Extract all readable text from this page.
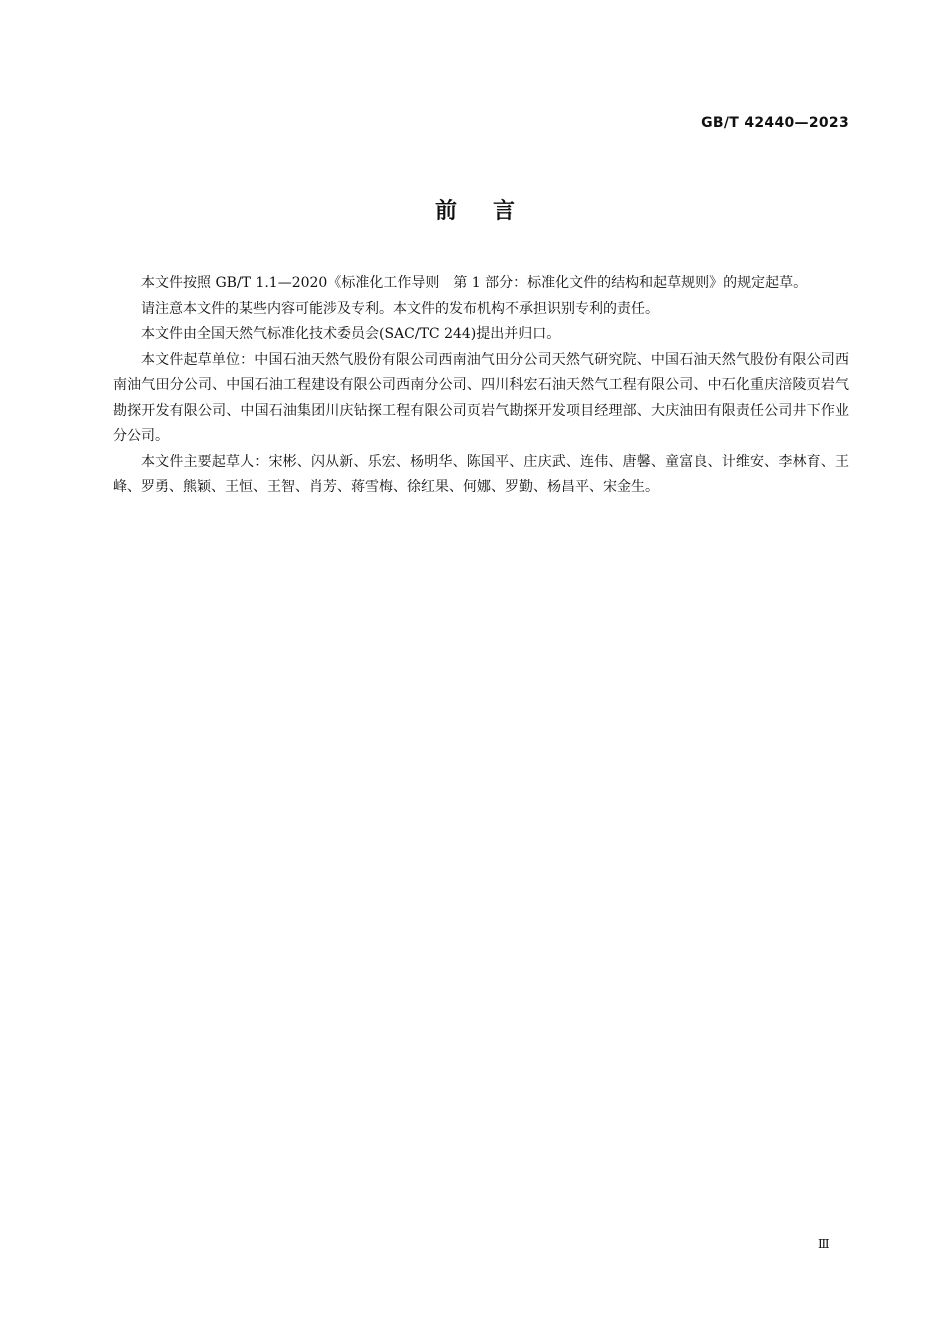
GB/T 42440—2023
前言

本文件按照 GB/T 1.1—2020《标准化工作导则　第 1 部分：标准化文件的结构和起草规则》的规定起草。

请注意本文件的某些内容可能涉及专利。本文件的发布机构不承担识别专利的责任。

本文件由全国天然气标准化技术委员会(SAC/TC 244)提出并归口。

本文件起草单位：中国石油天然气股份有限公司西南油气田分公司天然气研究院、中国石油天然气股份有限公司西南油气田分公司、中国石油工程建设有限公司西南分公司、四川科宏石油天然气工程有限公司、中石化重庆涪陵页岩气勘探开发有限公司、中国石油集团川庆钻探工程有限公司页岩气勘探开发项目经理部、大庆油田有限责任公司井下作业分公司。

本文件主要起草人：宋彬、闪从新、乐宏、杨明华、陈国平、庄庆武、连伟、唐馨、童富良、计维安、李林育、王峰、罗勇、熊颖、王恒、王智、肖芳、蒋雪梅、徐红果、何娜、罗勤、杨昌平、宋金生。

Ⅲ
